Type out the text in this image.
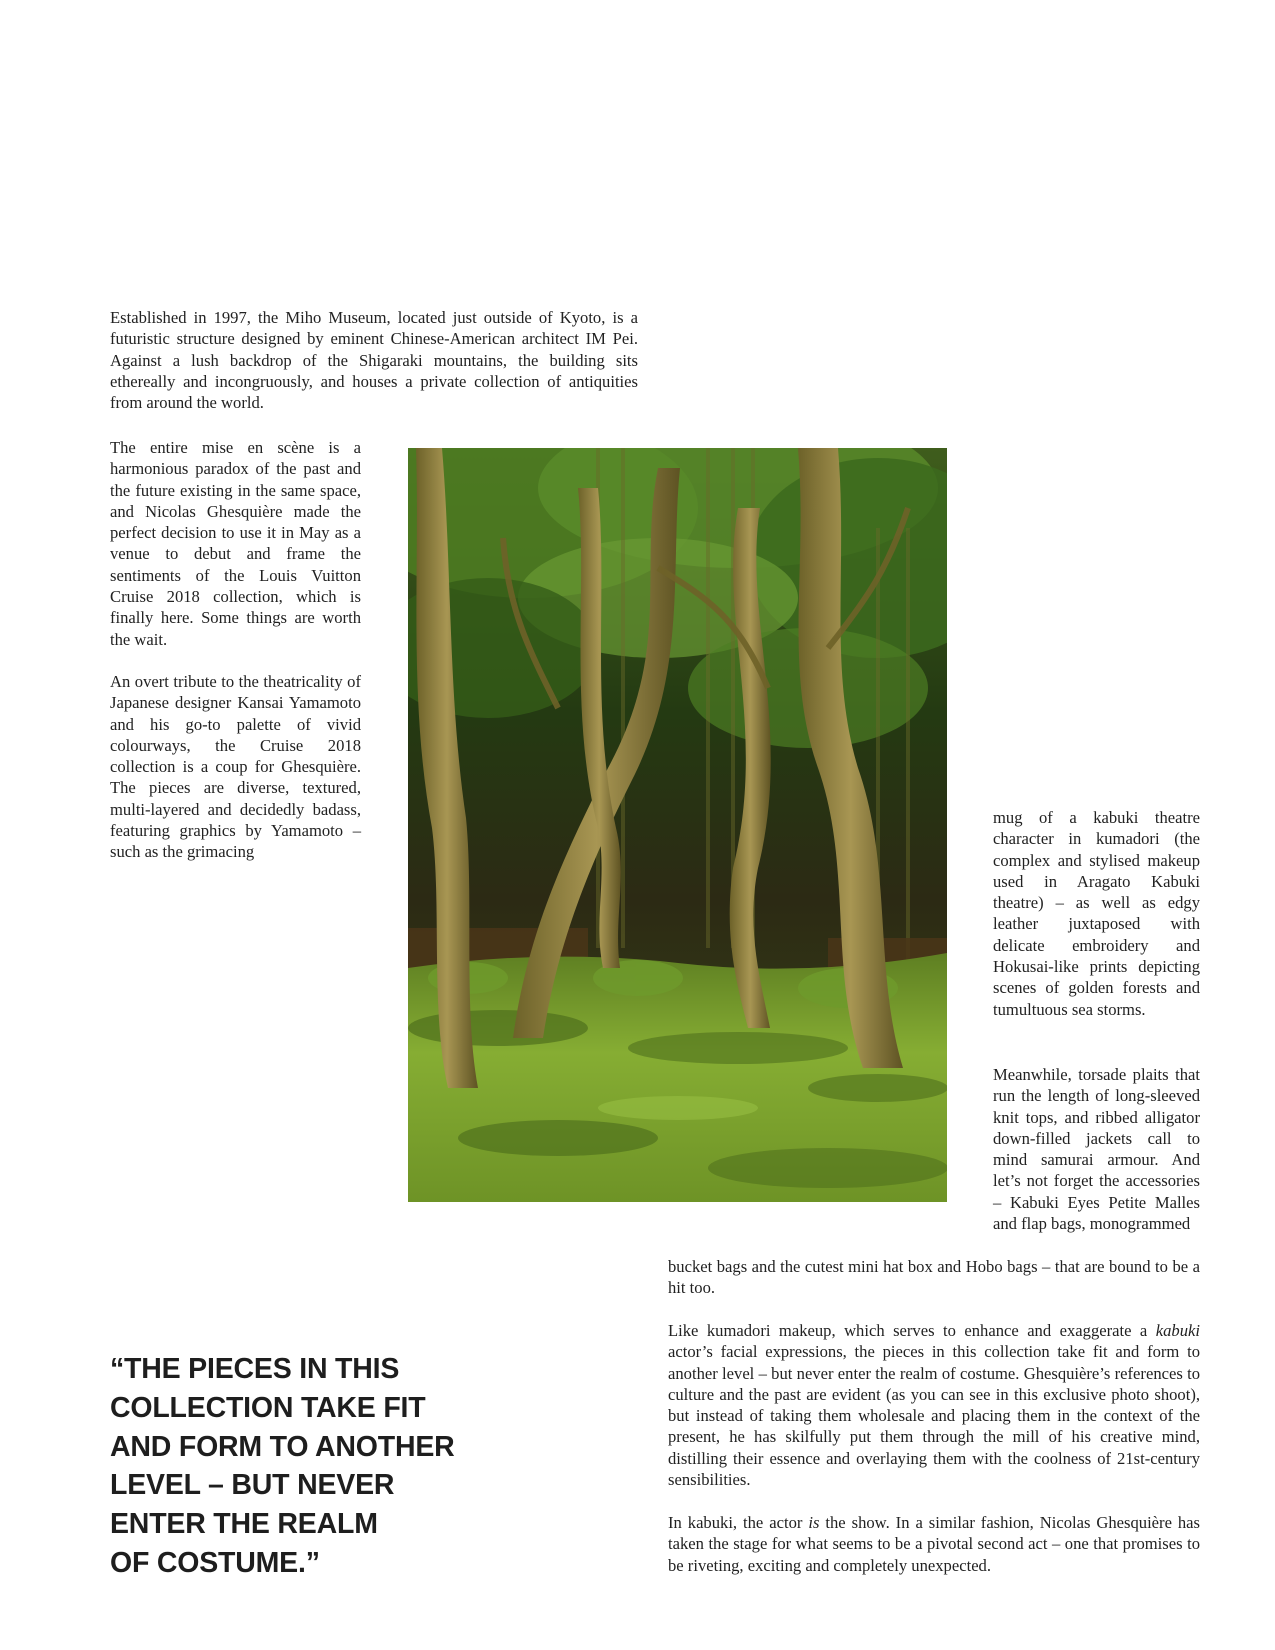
Established in 1997, the Miho Museum, located just outside of Kyoto, is a futuristic structure designed by eminent Chinese-American architect IM Pei. Against a lush backdrop of the Shigaraki mountains, the building sits ethereally and incongruously, and houses a private collection of antiquities from around the world.

The entire mise en scène is a harmonious paradox of the past and the future existing in the same space, and Nicolas Ghesquière made the perfect decision to use it in May as a venue to debut and frame the sentiments of the Louis Vuitton Cruise 2018 collection, which is finally here. Some things are worth the wait.

An overt tribute to the theatricality of Japanese designer Kansai Yamamoto and his go-to palette of vivid colourways, the Cruise 2018 collection is a coup for Ghesquière. The pieces are diverse, textured, multi-layered and decidedly badass, featuring graphics by Yamamoto – such as the grimacing

mug of a kabuki theatre character in kumadori (the complex and stylised makeup used in Aragato Kabuki theatre) – as well as edgy leather juxtaposed with delicate embroidery and Hokusai-like prints depicting scenes of golden forests and tumultuous sea storms.

Meanwhile, torsade plaits that run the length of long-sleeved knit tops, and ribbed alligator down-filled jackets call to mind samurai armour. And let’s not forget the accessories – Kabuki Eyes Petite Malles and flap bags, monogrammed

bucket bags and the cutest mini hat box and Hobo bags – that are bound to be a hit too.

Like kumadori makeup, which serves to enhance and exaggerate a kabuki actor’s facial expressions, the pieces in this collection take fit and form to another level – but never enter the realm of costume. Ghesquière’s references to culture and the past are evident (as you can see in this exclusive photo shoot), but instead of taking them wholesale and placing them in the context of the present, he has skilfully put them through the mill of his creative mind, distilling their essence and overlaying them with the coolness of 21st-century sensibilities.

In kabuki, the actor is the show. In a similar fashion, Nicolas Ghesquière has taken the stage for what seems to be a pivotal second act – one that promises to be riveting, exciting and completely unexpected.

“THE PIECES IN THIS
COLLECTION TAKE FIT
AND FORM TO ANOTHER
LEVEL – BUT NEVER
ENTER THE REALM
OF COSTUME.”
